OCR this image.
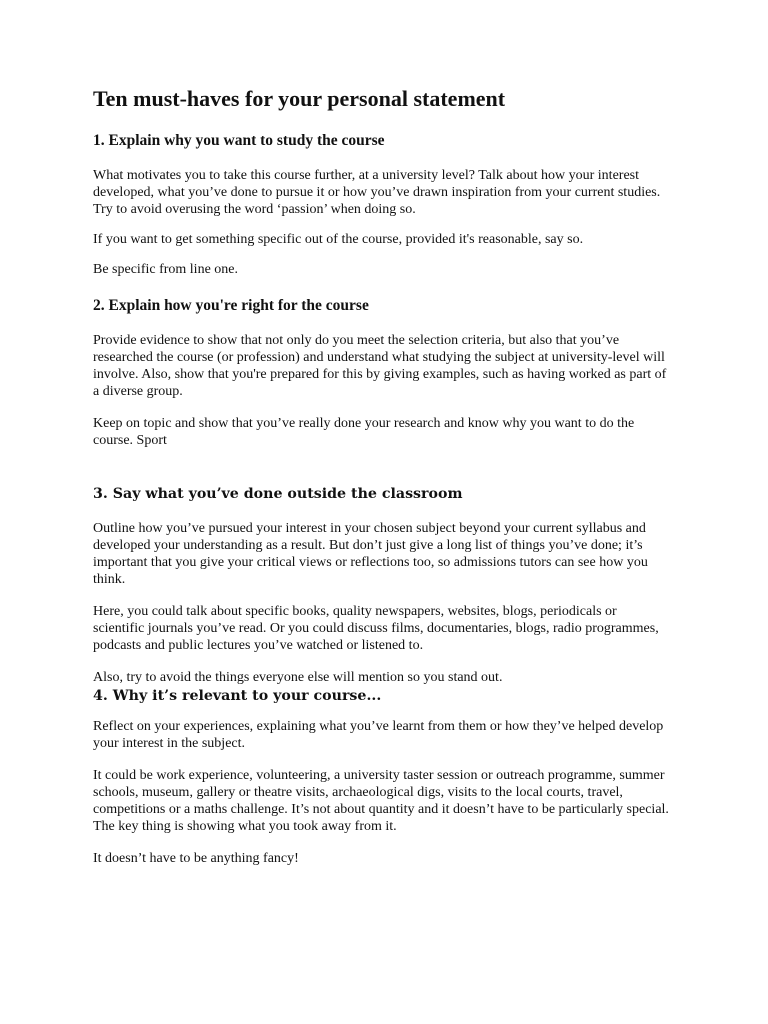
Ten must-haves for your personal statement
1. Explain why you want to study the course

What motivates you to take this course further, at a university level? Talk about how your interest developed, what you’ve done to pursue it or how you’ve drawn inspiration from your current studies. Try to avoid overusing the word ‘passion’ when doing so.

If you want to get something specific out of the course, provided it's reasonable, say so.

Be specific from line one.

2. Explain how you're right for the course

Provide evidence to show that not only do you meet the selection criteria, but also that you’ve researched the course (or profession) and understand what studying the subject at university-level will involve. Also, show that you're prepared for this by giving examples, such as having worked as part of a diverse group.

Keep on topic and show that you’ve really done your research and know why you want to do the course. Sport

3. Say what you’ve done outside the classroom

Outline how you’ve pursued your interest in your chosen subject beyond your current syllabus and developed your understanding as a result. But don’t just give a long list of things you’ve done; it’s important that you give your critical views or reflections too, so admissions tutors can see how you think.

Here, you could talk about specific books, quality newspapers, websites, blogs, periodicals or scientific journals you’ve read. Or you could discuss films, documentaries, blogs, radio programmes, podcasts and public lectures you’ve watched or listened to.

Also, try to avoid the things everyone else will mention so you stand out.

4. Why it’s relevant to your course...

Reflect on your experiences, explaining what you’ve learnt from them or how they’ve helped develop your interest in the subject.

It could be work experience, volunteering, a university taster session or outreach programme, summer schools, museum, gallery or theatre visits, archaeological digs, visits to the local courts, travel, competitions or a maths challenge. It’s not about quantity and it doesn’t have to be particularly special. The key thing is showing what you took away from it.

It doesn’t have to be anything fancy!
